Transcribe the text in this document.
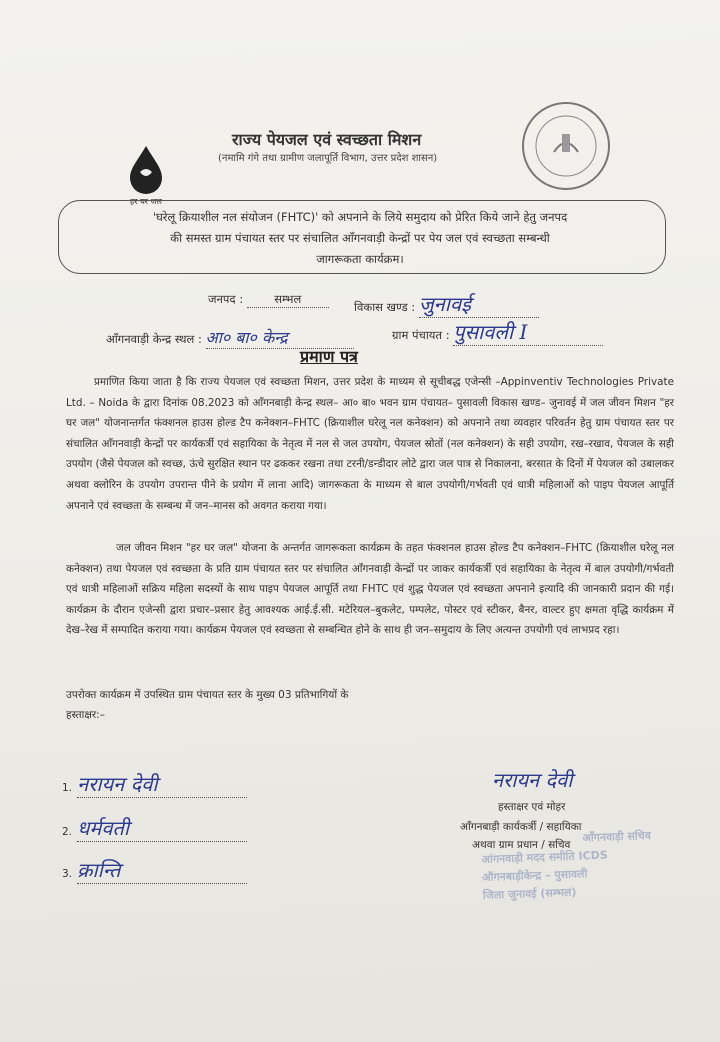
हर घर जल
राज्य पेयजल एवं स्वच्छता मिशन
(नमामि गंगे तथा ग्रामीण जलापूर्ति विभाग, उत्तर प्रदेश शासन)
'घरेलू क्रियाशील नल संयोजन (FHTC)' को अपनाने के लिये समुदाय को प्रेरित किये जाने हेतु जनपद
की समस्त ग्राम पंचायत स्तर पर संचालित आँगनवाड़ी केन्द्रों पर पेय जल एवं स्वच्छता सम्बन्धी
जागरूकता कार्यक्रम।
जनपद :	सम्भल
विकास खण्ड : जुनावई
ऑंगनवाड़ी केन्द्र स्थल : आ० बा० केन्द्र	ग्राम पंचायत : पुसावली I
प्रमाण पत्र
प्रमाणित किया जाता है कि राज्य पेयजल एवं स्वच्छता मिशन, उत्तर प्रदेश के माध्यम से सूचीबद्ध एजेन्सी –Appinventiv Technologies Private Ltd. – Noida के द्वारा दिनांक 08.2023 को आँगनबाड़ी केन्द्र स्थल– आ० बा० भवन ग्राम पंचायत– पुसावली विकास खण्ड– जुनावई में जल जीवन मिशन "हर घर जल" योजनान्तर्गत फंक्शनल हाउस होल्ड टैप कनेक्शन–FHTC (क्रियाशील घरेलू नल कनेक्शन) को अपनाने तथा व्यवहार परिवर्तन हेतु ग्राम पंचायत स्तर पर संचालित आँगनवाड़ी केन्द्रों पर कार्यकर्त्री एवं सहायिका के नेतृत्व में नल से जल उपयोग, पेयजल स्रोतों (नल कनेक्शन) के सही उपयोग, रख–रखाव, पेयजल के सही उपयोग (जैसे पेयजल को स्वच्छ, ऊंचे सुरक्षित स्थान पर ढककर रखना तथा टरनी/डन्डीदार लोटे द्वारा जल पात्र से निकालना, बरसात के दिनों में पेयजल को उबालकर अथवा क्लोरिन के उपयोग उपरान्त पीने के प्रयोग में लाना आदि) जागरूकता के माध्यम से बाल उपयोगी/गर्भवती एवं धात्री महिलाओं को पाइप पेयजल आपूर्ति अपनाने एवं स्वच्छता के सम्बन्ध में जन–मानस को अवगत कराया गया।
जल जीवन मिशन "हर घर जल" योजना के अन्तर्गत जागरूकता कार्यक्रम के तहत फंक्शनल हाउस होल्ड टैप कनेक्शन–FHTC (क्रियाशील घरेलू नल कनेक्शन) तथा पेयजल एवं स्वच्छता के प्रति ग्राम पंचायत स्तर पर संचालित आँगनवाड़ी केन्द्रों पर जाकर कार्यकर्त्री एवं सहायिका के नेतृत्व में बाल उपयोगी/गर्भवती एवं धात्री महिलाओं सक्रिय महिला सदस्यों के साथ पाइप पेयजल आपूर्ति तथा FHTC एवं शुद्ध पेयजल एवं स्वच्छता अपनाने इत्यादि की जानकारी प्रदान की गई। कार्यक्रम के दौरान एजेन्सी द्वारा प्रचार–प्रसार हेतु आवश्यक आई.ई.सी. मटेरियल–बुकलेट, पम्पलेट, पोस्टर एवं स्टीकर, बैनर, वाल्टर हुए क्षमता वृद्धि कार्यक्रम में देख–रेख में सम्पादित कराया गया। कार्यक्रम पेयजल एवं स्वच्छता से सम्बन्धित होने के साथ ही जन–समुदाय के लिए अत्यन्त उपयोगी एवं लाभप्रद रहा।
उपरोक्त कार्यक्रम में उपस्थित ग्राम पंचायत स्तर के मुख्य 03 प्रतिभागियों के
हस्ताक्षर:–
1. नरायन देवी
2. धर्मवती
3. क्रान्ति
नरायन देवी
हस्ताक्षर एवं मोहर
आँगनबाड़ी कार्यकर्त्री / सहायिका
अथवा ग्राम प्रधान / सचिव
आँगनवाड़ी सचिव
आंगनवाड़ी मदद समीति ICDS
ऑगनबाड़ीकेन्द्र – पुसावली
जिला जुनावई (सम्भल)
